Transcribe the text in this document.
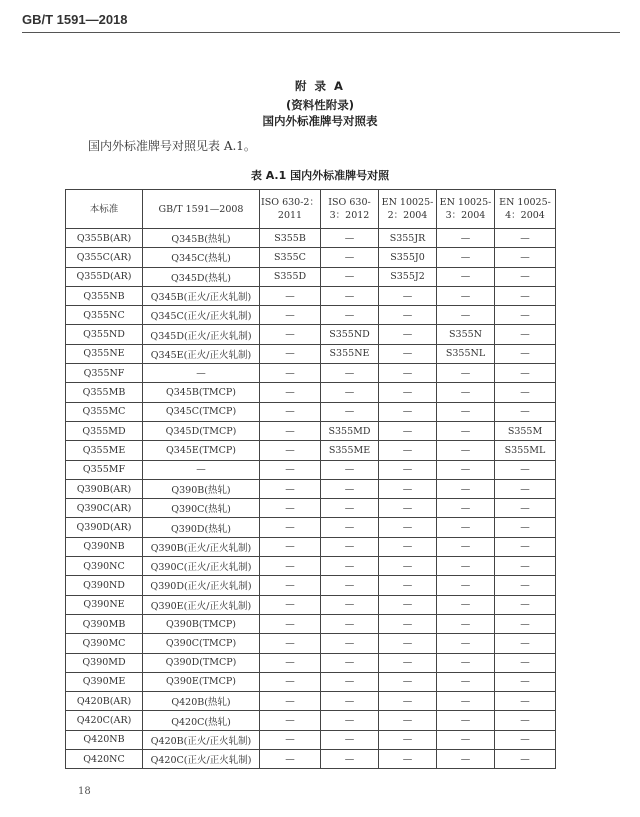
GB/T 1591—2018
附 录 A
(资料性附录)
国内外标准牌号对照表
国内外标准牌号对照见表 A.1。
表 A.1 国内外标准牌号对照
本标准	GB/T 1591—2008	ISO 630-2：2011	ISO 630-3：2012	EN 10025-2：2004	EN 10025-3：2004	EN 10025-4：2004
Q355B(AR)	Q345B(热轧)	S355B	—	S355JR	—	—
Q355C(AR)	Q345C(热轧)	S355C	—	S355J0	—	—
Q355D(AR)	Q345D(热轧)	S355D	—	S355J2	—	—
Q355NB	Q345B(正火/正火轧制)	—	—	—	—	—
Q355NC	Q345C(正火/正火轧制)	—	—	—	—	—
Q355ND	Q345D(正火/正火轧制)	—	S355ND	—	S355N	—
Q355NE	Q345E(正火/正火轧制)	—	S355NE	—	S355NL	—
Q355NF	—	—	—	—	—	—
Q355MB	Q345B(TMCP)	—	—	—	—	—
Q355MC	Q345C(TMCP)	—	—	—	—	—
Q355MD	Q345D(TMCP)	—	S355MD	—	—	S355M
Q355ME	Q345E(TMCP)	—	S355ME	—	—	S355ML
Q355MF	—	—	—	—	—	—
Q390B(AR)	Q390B(热轧)	—	—	—	—	—
Q390C(AR)	Q390C(热轧)	—	—	—	—	—
Q390D(AR)	Q390D(热轧)	—	—	—	—	—
Q390NB	Q390B(正火/正火轧制)	—	—	—	—	—
Q390NC	Q390C(正火/正火轧制)	—	—	—	—	—
Q390ND	Q390D(正火/正火轧制)	—	—	—	—	—
Q390NE	Q390E(正火/正火轧制)	—	—	—	—	—
Q390MB	Q390B(TMCP)	—	—	—	—	—
Q390MC	Q390C(TMCP)	—	—	—	—	—
Q390MD	Q390D(TMCP)	—	—	—	—	—
Q390ME	Q390E(TMCP)	—	—	—	—	—
Q420B(AR)	Q420B(热轧)	—	—	—	—	—
Q420C(AR)	Q420C(热轧)	—	—	—	—	—
Q420NB	Q420B(正火/正火轧制)	—	—	—	—	—
Q420NC	Q420C(正火/正火轧制)	—	—	—	—	—
18
